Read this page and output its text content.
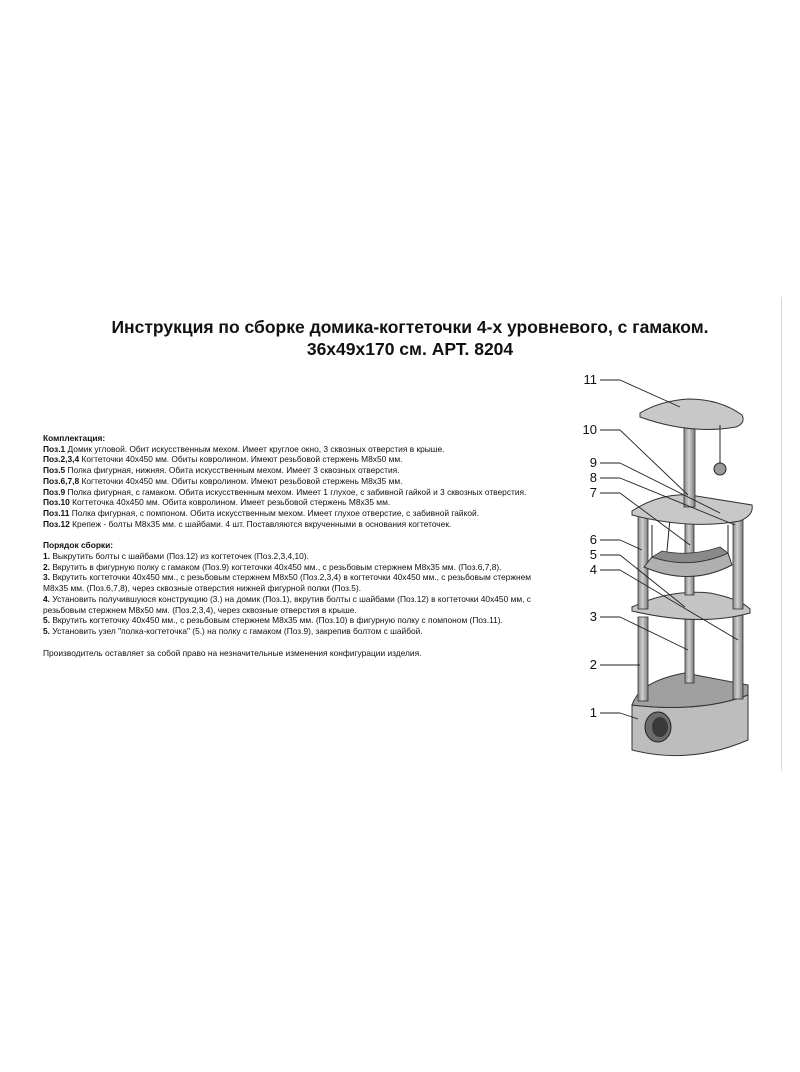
Инструкция по сборке домика-когтеточки 4-х уровневого, с гамаком.
36x49x170 см. АРТ. 8204
Комплектация:
Поз.1 Домик угловой. Обит искусственным мехом. Имеет круглое окно, 3 сквозных отверстия в крыше.
Поз.2,3,4 Когтеточки 40x450 мм. Обиты ковролином. Имеют резьбовой стержень M8x50 мм.
Поз.5 Полка фигурная, нижняя. Обита искусственным мехом. Имеет 3 сквозных отверстия.
Поз.6,7,8 Когтеточки 40x450 мм. Обиты ковролином. Имеют резьбовой стержень M8x35 мм.
Поз.9 Полка фигурная, с гамаком. Обита искусственным мехом. Имеет 1 глухое, с забивной гайкой и 3 сквозных отверстия.
Поз.10 Когтеточка 40x450 мм. Обита ковролином. Имеет резьбовой стержень M8x35 мм.
Поз.11 Полка фигурная, с помпоном. Обита искусственным мехом. Имеет глухое отверстие, с забивной гайкой.
Поз.12 Крепеж - болты M8x35 мм. с шайбами. 4 шт. Поставляются вкрученными в основания когтеточек.
Порядок сборки:
1. Выкрутить болты с шайбами (Поз.12) из когтеточек (Поз.2,3,4,10).
2. Вкрутить в фигурную полку с гамаком (Поз.9) когтеточки 40x450 мм., с резьбовым стержнем M8x35 мм. (Поз.6,7,8).
3. Вкрутить когтеточки 40x450 мм., с резьбовым стержнем M8x50 (Поз.2,3,4) в когтеточки 40x450 мм., с резьбовым стержнем M8x35 мм. (Поз.6,7,8), через сквозные отверстия нижней фигурной полки (Поз.5).
4. Установить получившуюся конструкцию (3.) на домик (Поз.1), вкрутив болты с шайбами (Поз.12) в когтеточки 40x450 мм, с резьбовым стержнем M8x50 мм. (Поз.2,3,4), через сквозные отверстия в крыше.
5. Вкрутить когтеточку 40x450 мм., с резьбовым стержнем M8x35 мм. (Поз.10) в фигурную полку с помпоном (Поз.11).
5. Установить узел "полка-когтеточка" (5.) на полку с гамаком (Поз.9), закрепив болтом с шайбой.
Производитель оставляет за собой право на незначительные изменения конфигурации изделия.
11
10
9
8
7
6
5
4
3
2
1
